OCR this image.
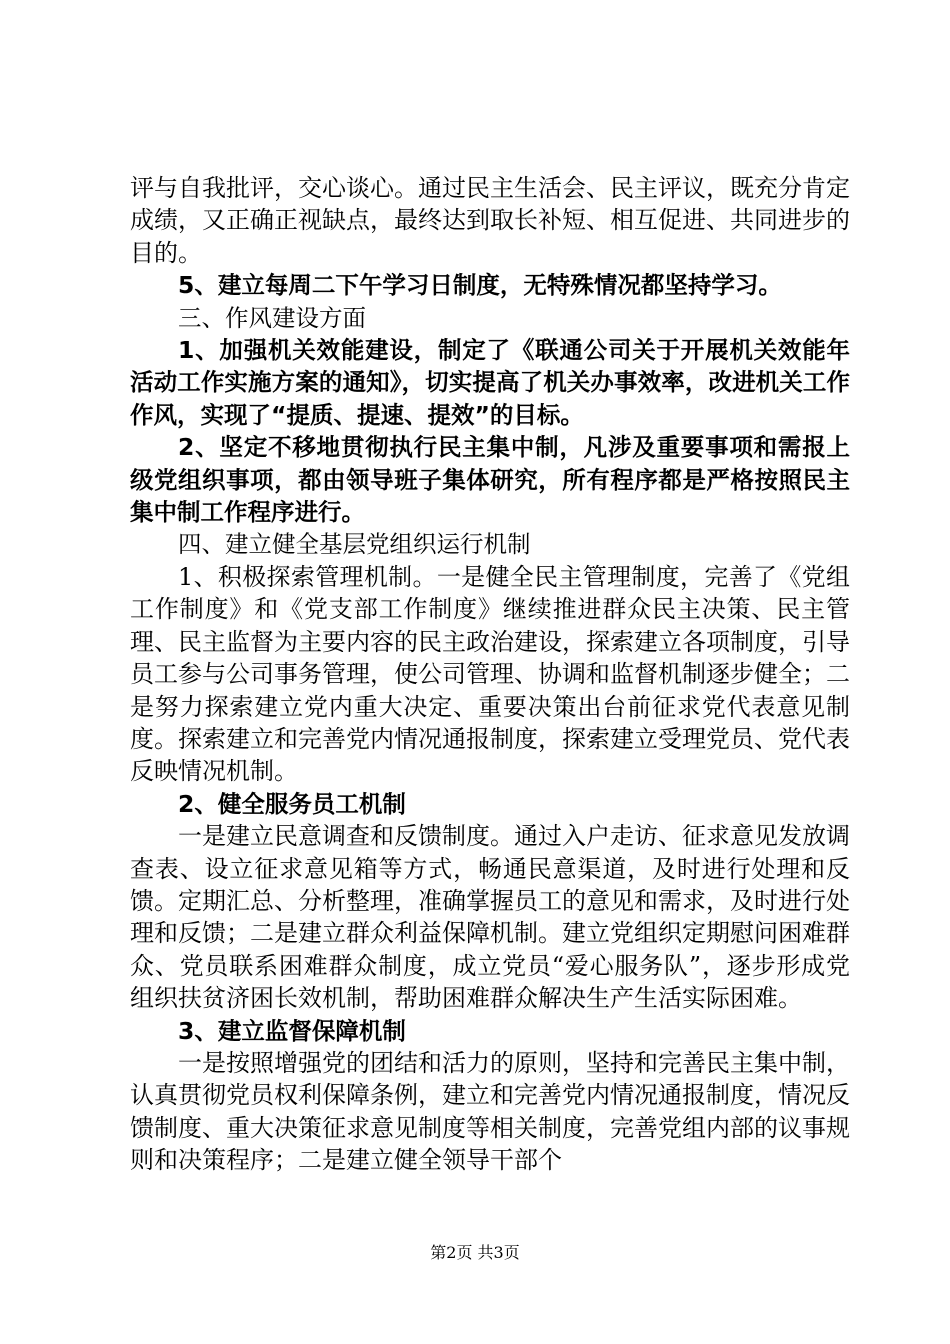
评与自我批评，交心谈心。通过民主生活会、民主评议，既充分肯定成绩，又正确正视缺点，最终达到取长补短、相互促进、共同进步的目的。

5、建立每周二下午学习日制度，无特殊情况都坚持学习。

三、作风建设方面

1、加强机关效能建设，制定了《联通公司关于开展机关效能年活动工作实施方案的通知》，切实提高了机关办事效率，改进机关工作作风，实现了“提质、提速、提效”的目标。

2、坚定不移地贯彻执行民主集中制，凡涉及重要事项和需报上级党组织事项，都由领导班子集体研究，所有程序都是严格按照民主集中制工作程序进行。

四、建立健全基层党组织运行机制

1、积极探索管理机制。一是健全民主管理制度，完善了《党组工作制度》和《党支部工作制度》继续推进群众民主决策、民主管理、民主监督为主要内容的民主政治建设，探索建立各项制度，引导员工参与公司事务管理，使公司管理、协调和监督机制逐步健全；二是努力探索建立党内重大决定、重要决策出台前征求党代表意见制度。探索建立和完善党内情况通报制度，探索建立受理党员、党代表反映情况机制。

2、健全服务员工机制

一是建立民意调查和反馈制度。通过入户走访、征求意见发放调查表、设立征求意见箱等方式，畅通民意渠道，及时进行处理和反馈。定期汇总、分析整理，准确掌握员工的意见和需求，及时进行处理和反馈；二是建立群众利益保障机制。建立党组织定期慰问困难群众、党员联系困难群众制度，成立党员“爱心服务队”，逐步形成党组织扶贫济困长效机制，帮助困难群众解决生产生活实际困难。

3、建立监督保障机制

一是按照增强党的团结和活力的原则，坚持和完善民主集中制，认真贯彻党员权利保障条例，建立和完善党内情况通报制度，情况反馈制度、重大决策征求意见制度等相关制度，完善党组内部的议事规则和决策程序；二是建立健全领导干部个

第2页 共3页
